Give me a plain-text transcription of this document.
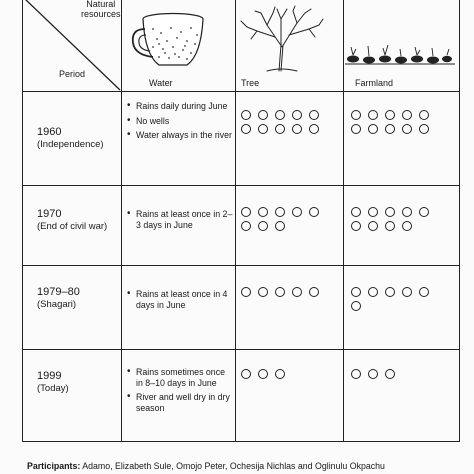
Natural
resources
Period
Water	Tree	Farmland
1960
(Independence)
• Rains daily during June
• No wells
• Water always in the river
1970
(End of civil war)
• Rains at least once in 2–3 days in June
1979–80
(Shagari)
• Rains at least once in 4 days in June
1999
(Today)
• Rains sometimes once in 8–10 days in June
• River and well dry in dry season
Participants: Adamo, Elizabeth Sule, Omojo Peter, Ochesija Nichlas and Oglinulu Okpachu
